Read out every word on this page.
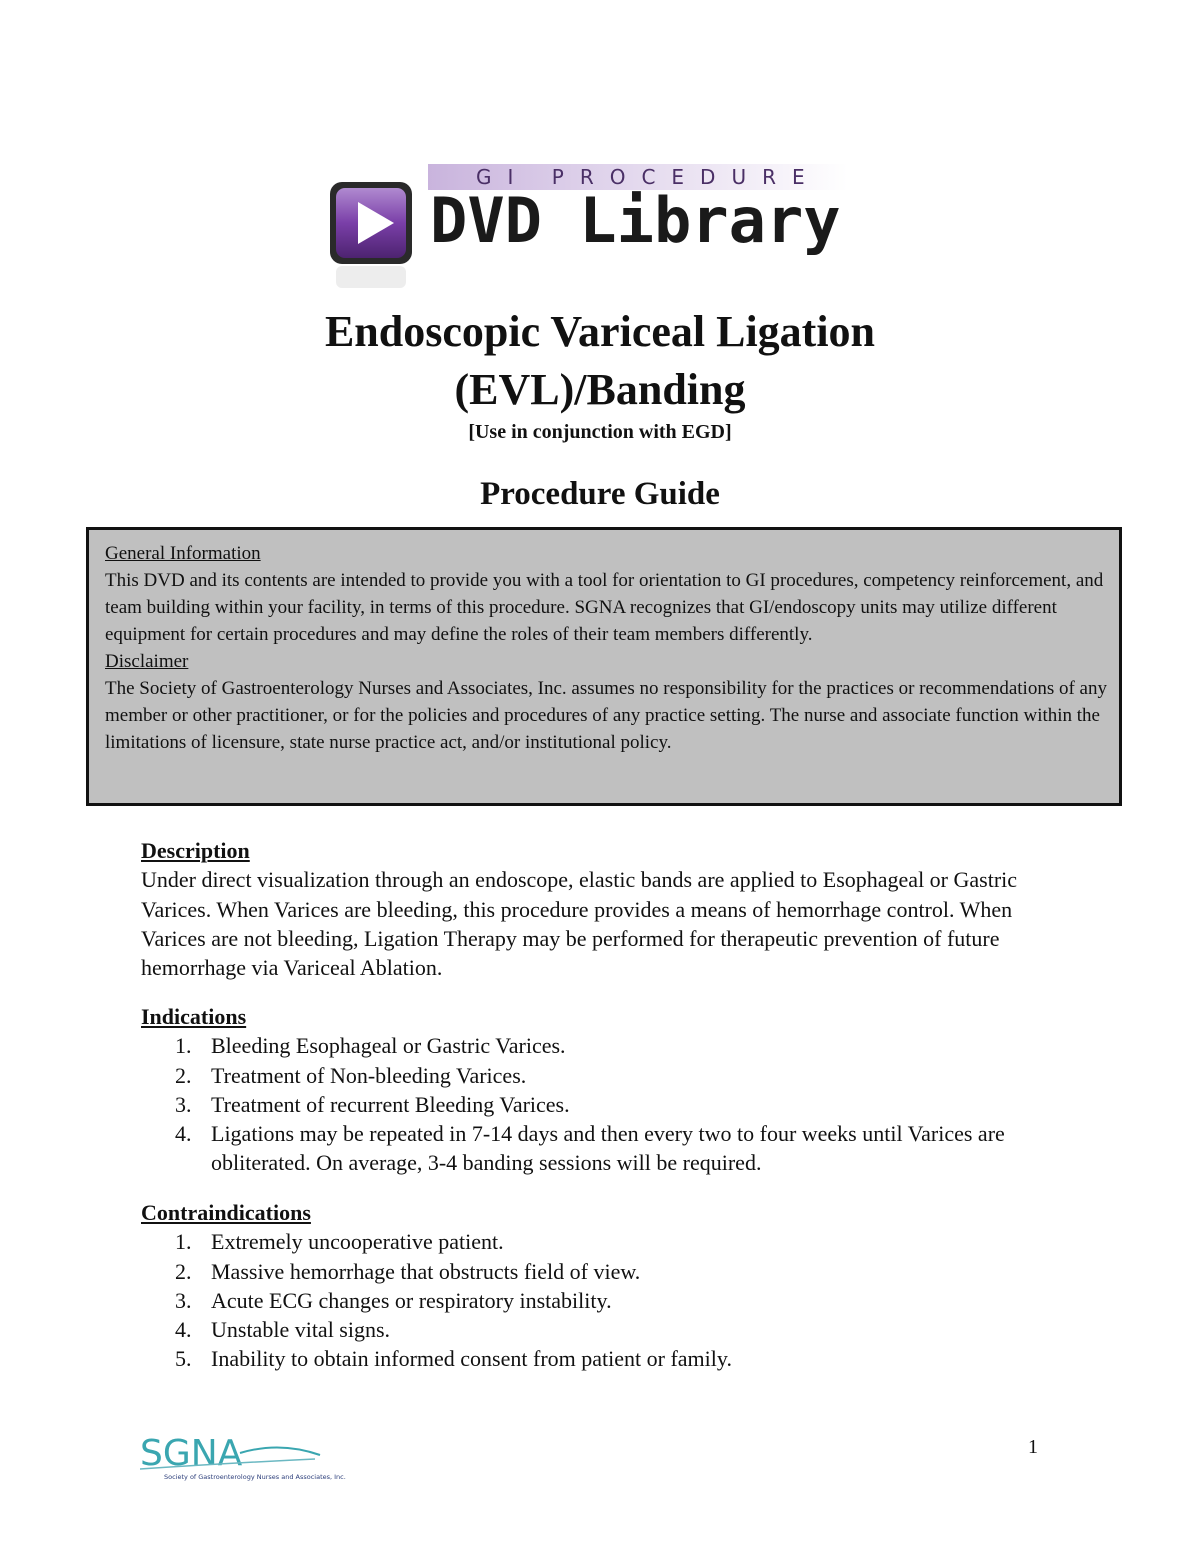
GI PROCEDURE
DVD Library
Endoscopic Variceal Ligation
(EVL)/Banding
[Use in conjunction with EGD]
Procedure Guide

General Information

This DVD and its contents are intended to provide you with a tool for orientation to GI procedures, competency reinforcement, and team building within your facility, in terms of this procedure. SGNA recognizes that GI/endoscopy units may utilize different equipment for certain procedures and may define the roles of their team members differently.

Disclaimer

The Society of Gastroenterology Nurses and Associates, Inc. assumes no responsibility for the practices or recommendations of any member or other practitioner, or for the policies and procedures of any practice setting. The nurse and associate function within the limitations of licensure, state nurse practice act, and/or institutional policy.

Description

Under direct visualization through an endoscope, elastic bands are applied to Esophageal or Gastric Varices. When Varices are bleeding, this procedure provides a means of hemorrhage control. When Varices are not bleeding, Ligation Therapy may be performed for therapeutic prevention of future hemorrhage via Variceal Ablation.

Indications

1. Bleeding Esophageal or Gastric Varices.
2. Treatment of Non-bleeding Varices.
3. Treatment of recurrent Bleeding Varices.
4. Ligations may be repeated in 7-14 days and then every two to four weeks until Varices are obliterated. On average, 3-4 banding sessions will be required.

Contraindications

1. Extremely uncooperative patient.
2. Massive hemorrhage that obstructs field of view.
3. Acute ECG changes or respiratory instability.
4. Unstable vital signs.
5. Inability to obtain informed consent from patient or family.
SGNA
Society of Gastroenterology Nurses and Associates, Inc.
1
